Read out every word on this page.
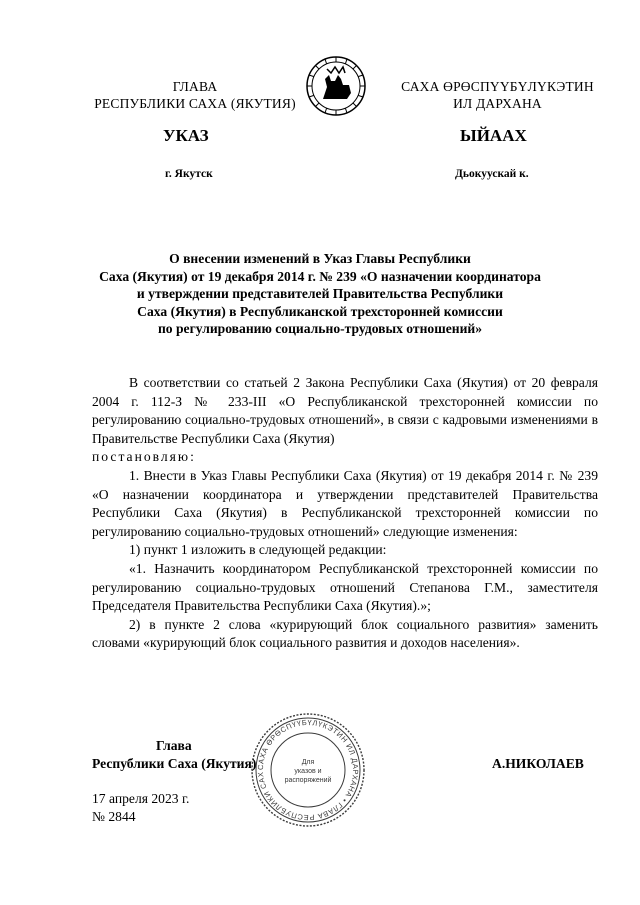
ГЛАВА
РЕСПУБЛИКИ САХА (ЯКУТИЯ)
САХА ӨРӨСПҮҮБҮЛҮКЭТИН
ИЛ ДАРХАНА
УКАЗ	ЫЙААХ
г. Якутск	Дьокуускай к.
О внесении изменений в Указ Главы Республики
Саха (Якутия) от 19 декабря 2014 г. № 239 «О назначении координатора
и утверждении представителей Правительства Республики
Саха (Якутия) в Республиканской трехсторонней комиссии
по регулированию социально-трудовых отношений»

В соответствии со статьей 2 Закона Республики Саха (Якутия) от 20 февраля 2004 г. 112-З № 233-III «О Республиканской трехсторонней комиссии по регулированию социально-трудовых отношений», в связи с кадровыми изменениями в Правительстве Республики Саха (Якутия)

постановляю:

1. Внести в Указ Главы Республики Саха (Якутия) от 19 декабря 2014 г. № 239 «О назначении координатора и утверждении представителей Правительства Республики Саха (Якутия) в Республиканской трехсторонней комиссии по регулированию социально-трудовых отношений» следующие изменения:

1) пункт 1 изложить в следующей редакции:

«1. Назначить координатором Республиканской трехсторонней комиссии по регулированию социально-трудовых отношений Степанова Г.М., заместителя Председателя Правительства Республики Саха (Якутия).»;

2) в пункте 2 слова «курирующий блок социального развития» заменить словами «курирующий блок социального развития и доходов населения».

САХА ӨРӨСПҮҮБҮЛҮКЭТИН ИЛ ДАРХАНА • ГЛАВА РЕСПУБЛИКИ САХ
Для
указов и
распоряжений
Глава
Республики Саха (Якутия)	А.НИКОЛАЕВ
17 апреля 2023 г.
№ 2844
